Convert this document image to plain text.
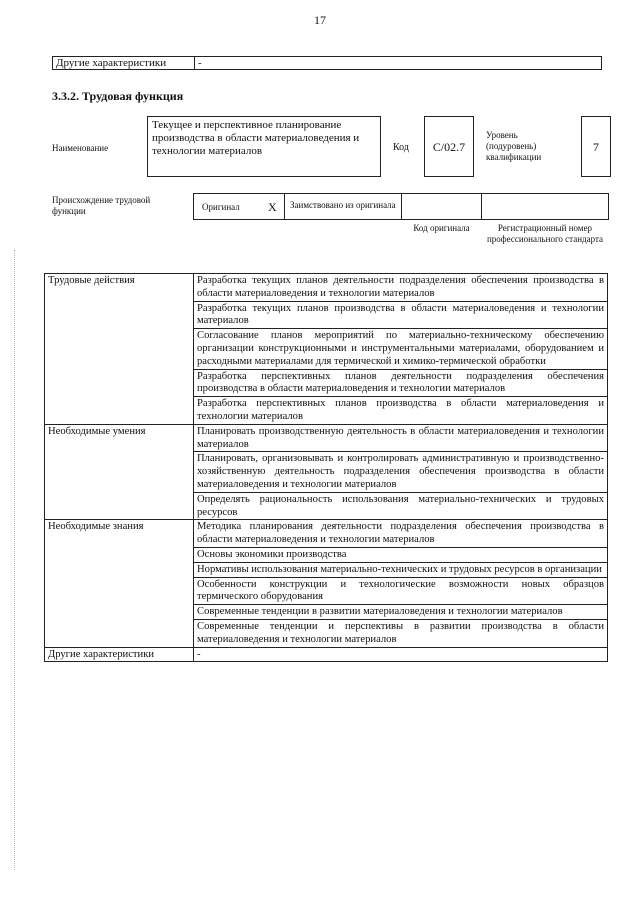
17
Другие характеристики	-
3.3.2. Трудовая функция
Наименование
Текущее и перспективное планирование производства в области материаловедения и технологии материалов	Код	С/02.7
Уровень (подуровень) квалификации
7
Происхождение трудовой функции	Оригинал X	Заимствовано из оригинала
Код оригинала	Регистрационный номер профессионального стандарта
Трудовые действия	Разработка текущих планов деятельности подразделения обеспечения производства в области материаловедения и технологии материалов
	Разработка текущих планов производства в области материаловедения и технологии материалов
	Согласование планов мероприятий по материально-техническому обеспечению организации конструкционными и инструментальными материалами, оборудованием и расходными материалами для термической и химико-термической обработки
	Разработка перспективных планов деятельности подразделения обеспечения производства в области материаловедения и технологии материалов
	Разработка перспективных планов производства в области материаловедения и технологии материалов
Необходимые умения	Планировать производственную деятельность в области материаловедения и технологии материалов
	Планировать, организовывать и контролировать административную и производственно-хозяйственную деятельность подразделения обеспечения производства в области материаловедения и технологии материалов
	Определять рациональность использования материально-технических и трудовых ресурсов
Необходимые знания	Методика планирования деятельности подразделения обеспечения производства в области материаловедения и технологии материалов
	Основы экономики производства
	Нормативы использования материально-технических и трудовых ресурсов в организации
	Особенности конструкции и технологические возможности новых образцов термического оборудования
	Современные тенденции в развитии материаловедения и технологии материалов
	Современные тенденции и перспективы в развитии производства в области материаловедения и технологии материалов
Другие характеристики	-
